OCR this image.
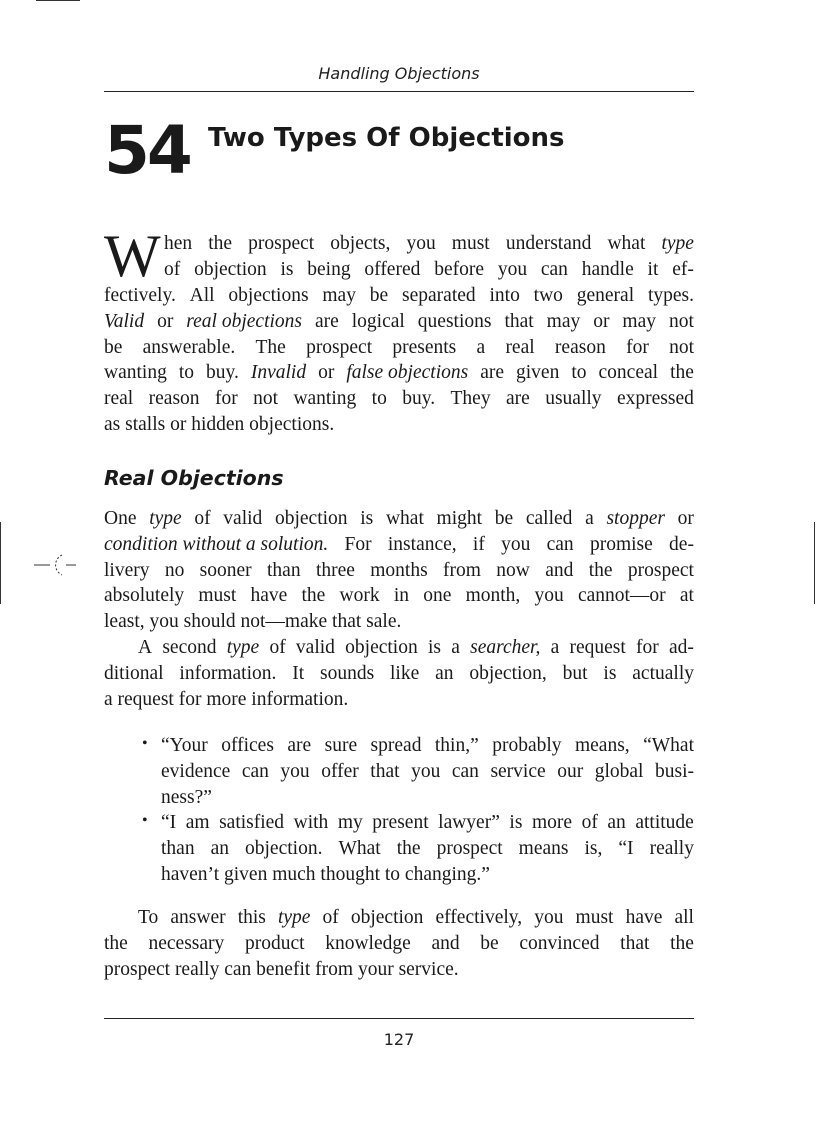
Handling Objections
54 Two Types Of Objections
W hen the prospect objects, you must understand what type
of objection is being offered before you can handle it ef-
fectively. All objections may be separated into two general types.
Valid or real objections are logical questions that may or may not
be answerable. The prospect presents a real reason for not
wanting to buy. Invalid or false objections are given to conceal the
real reason for not wanting to buy. They are usually expressed
as stalls or hidden objections.
Real Objections
One type of valid objection is what might be called a stopper or
condition without a solution. For instance, if you can promise de-
livery no sooner than three months from now and the prospect
absolutely must have the work in one month, you cannot—or at
least, you should not—make that sale.
A second type of valid objection is a searcher, a request for ad-
ditional information. It sounds like an objection, but is actually
a request for more information.
• “Your offices are sure spread thin,” probably means, “What
evidence can you offer that you can service our global busi-
ness?”
• “I am satisfied with my present lawyer” is more of an attitude
than an objection. What the prospect means is, “I really
haven’t given much thought to changing.”
To answer this type of objection effectively, you must have all
the necessary product knowledge and be convinced that the
prospect really can benefit from your service.
127
